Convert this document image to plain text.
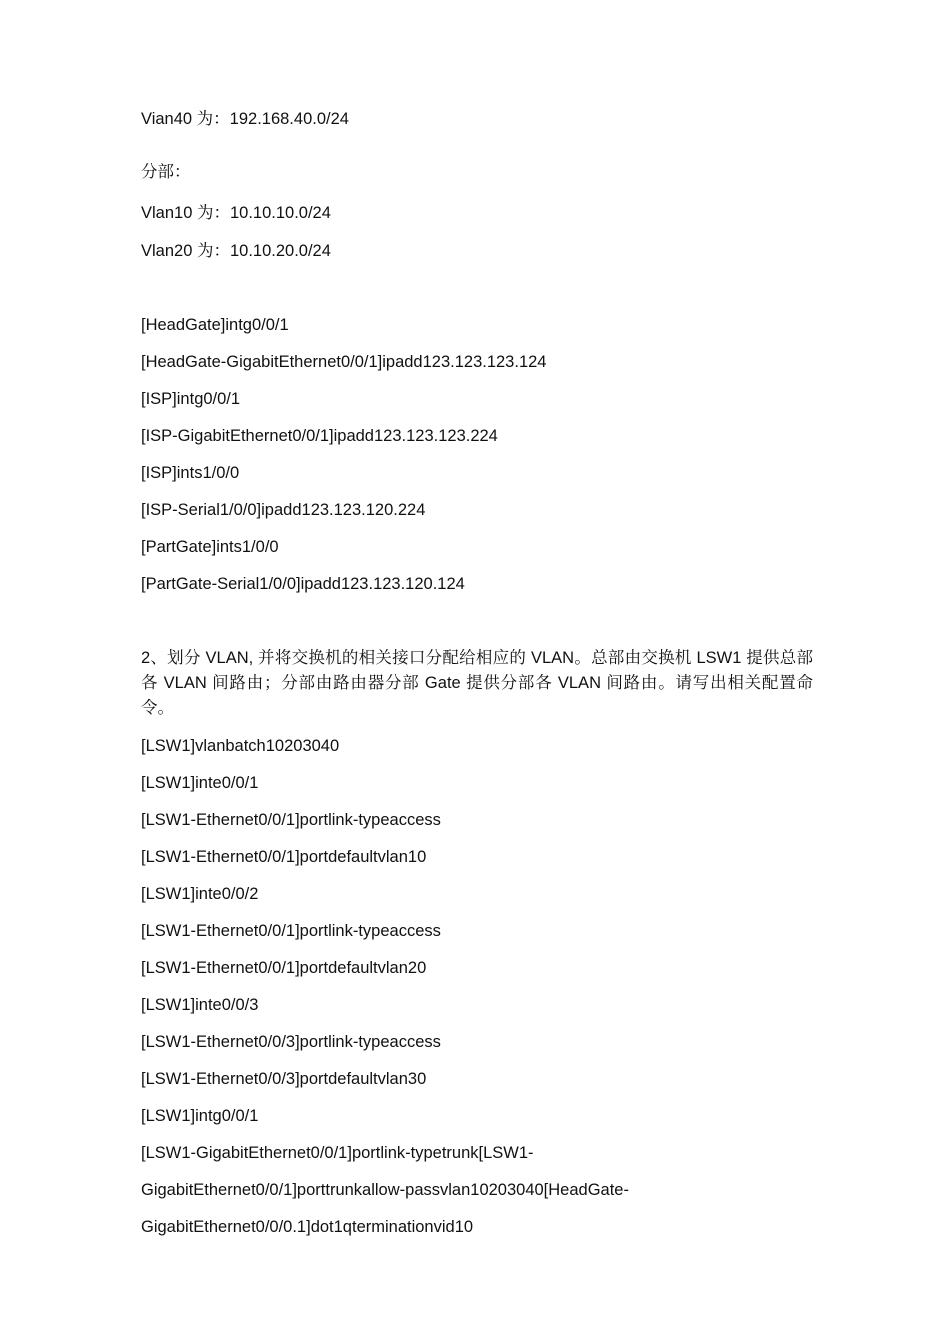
Vian40 为：192.168.40.0/24
分部：
Vlan10 为：10.10.10.0/24
Vlan20 为：10.10.20.0/24
[HeadGate]intg0/0/1
[HeadGate-GigabitEthernet0/0/1]ipadd123.123.123.124
[ISP]intg0/0/1
[ISP-GigabitEthernet0/0/1]ipadd123.123.123.224
[ISP]ints1/0/0
[ISP-Serial1/0/0]ipadd123.123.120.224
[PartGate]ints1/0/0
[PartGate-Serial1/0/0]ipadd123.123.120.124
2、划分 VLAN, 并将交换机的相关接口分配给相应的 VLAN。总部由交换机 LSW1 提供总部各 VLAN 间路由；分部由路由器分部 Gate 提供分部各 VLAN 间路由。请写出相关配置命令。
[LSW1]vlanbatch10203040
[LSW1]inte0/0/1
[LSW1-Ethernet0/0/1]portlink-typeaccess
[LSW1-Ethernet0/0/1]portdefaultvlan10
[LSW1]inte0/0/2
[LSW1-Ethernet0/0/1]portlink-typeaccess
[LSW1-Ethernet0/0/1]portdefaultvlan20
[LSW1]inte0/0/3
[LSW1-Ethernet0/0/3]portlink-typeaccess
[LSW1-Ethernet0/0/3]portdefaultvlan30
[LSW1]intg0/0/1
[LSW1-GigabitEthernet0/0/1]portlink-typetrunk[LSW1-
GigabitEthernet0/0/1]porttrunkallow-passvlan10203040[HeadGate-
GigabitEthernet0/0/0.1]dot1qterminationvid10
